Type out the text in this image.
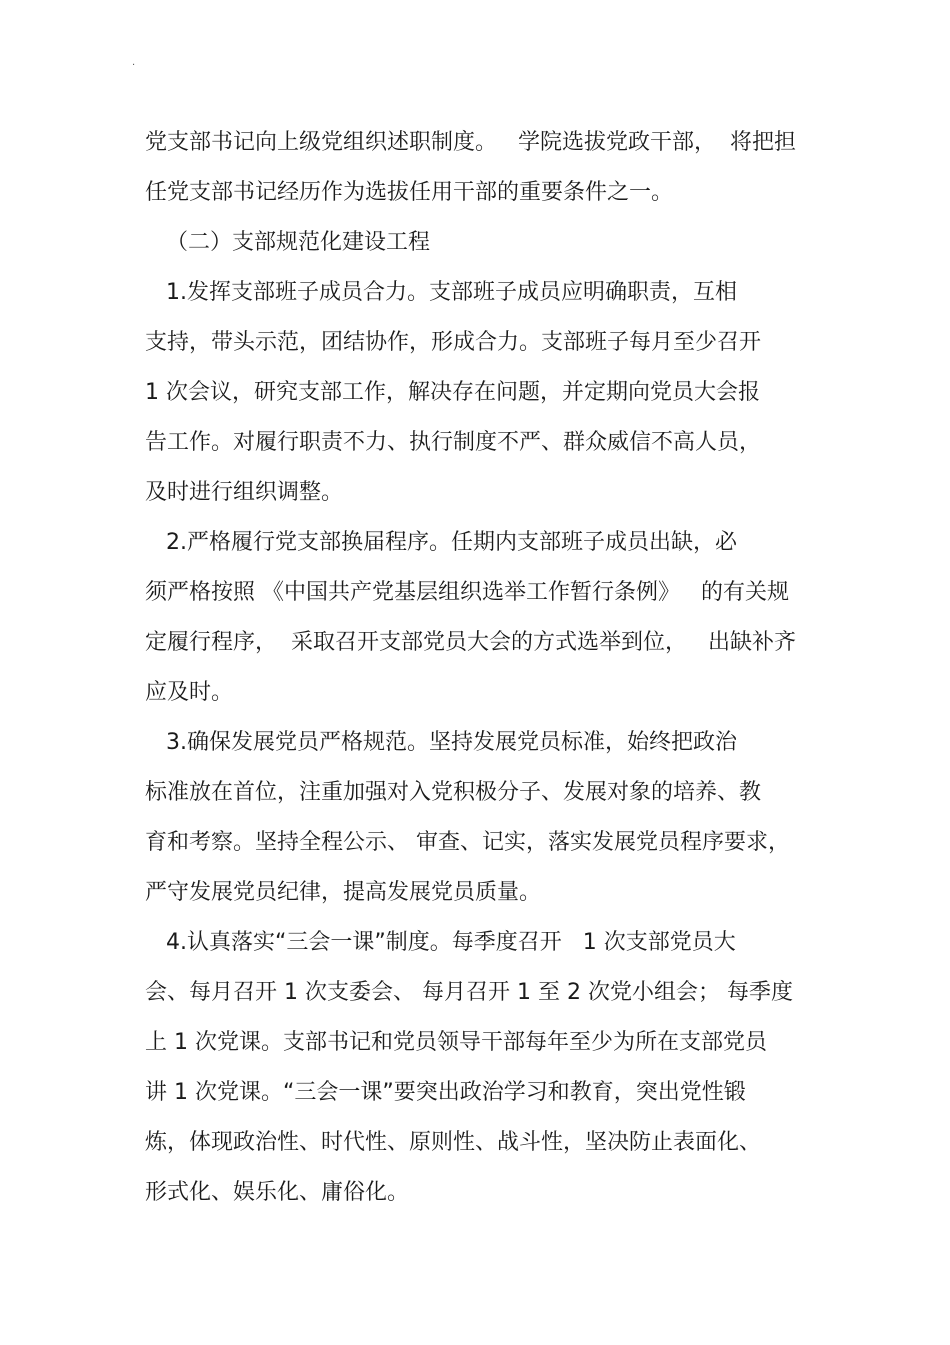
·
党支部书记向上级党组织述职制度。   学院选拔党政干部，  将把担
任党支部书记经历作为选拔任用干部的重要条件之一。
（二）支部规范化建设工程
1.发挥支部班子成员合力。支部班子成员应明确职责，互相
支持，带头示范，团结协作，形成合力。支部班子每月至少召开
1 次会议，研究支部工作，解决存在问题，并定期向党员大会报
告工作。对履行职责不力、执行制度不严、群众威信不高人员，
及时进行组织调整。
2.严格履行党支部换届程序。任期内支部班子成员出缺，必
须严格按照 《中国共产党基层组织选举工作暂行条例》   的有关规
定履行程序，  采取召开支部党员大会的方式选举到位，   出缺补齐
应及时。
3.确保发展党员严格规范。坚持发展党员标准，始终把政治
标准放在首位，注重加强对入党积极分子、发展对象的培养、教
育和考察。坚持全程公示、 审查、记实，落实发展党员程序要求，
严守发展党员纪律，提高发展党员质量。
4.认真落实“三会一课”制度。每季度召开   1 次支部党员大
会、每月召开 1 次支委会、 每月召开 1 至 2 次党小组会； 每季度
上 1 次党课。支部书记和党员领导干部每年至少为所在支部党员
讲 1 次党课。“三会一课”要突出政治学习和教育，突出党性锻
炼，体现政治性、时代性、原则性、战斗性，坚决防止表面化、
形式化、娱乐化、庸俗化。
